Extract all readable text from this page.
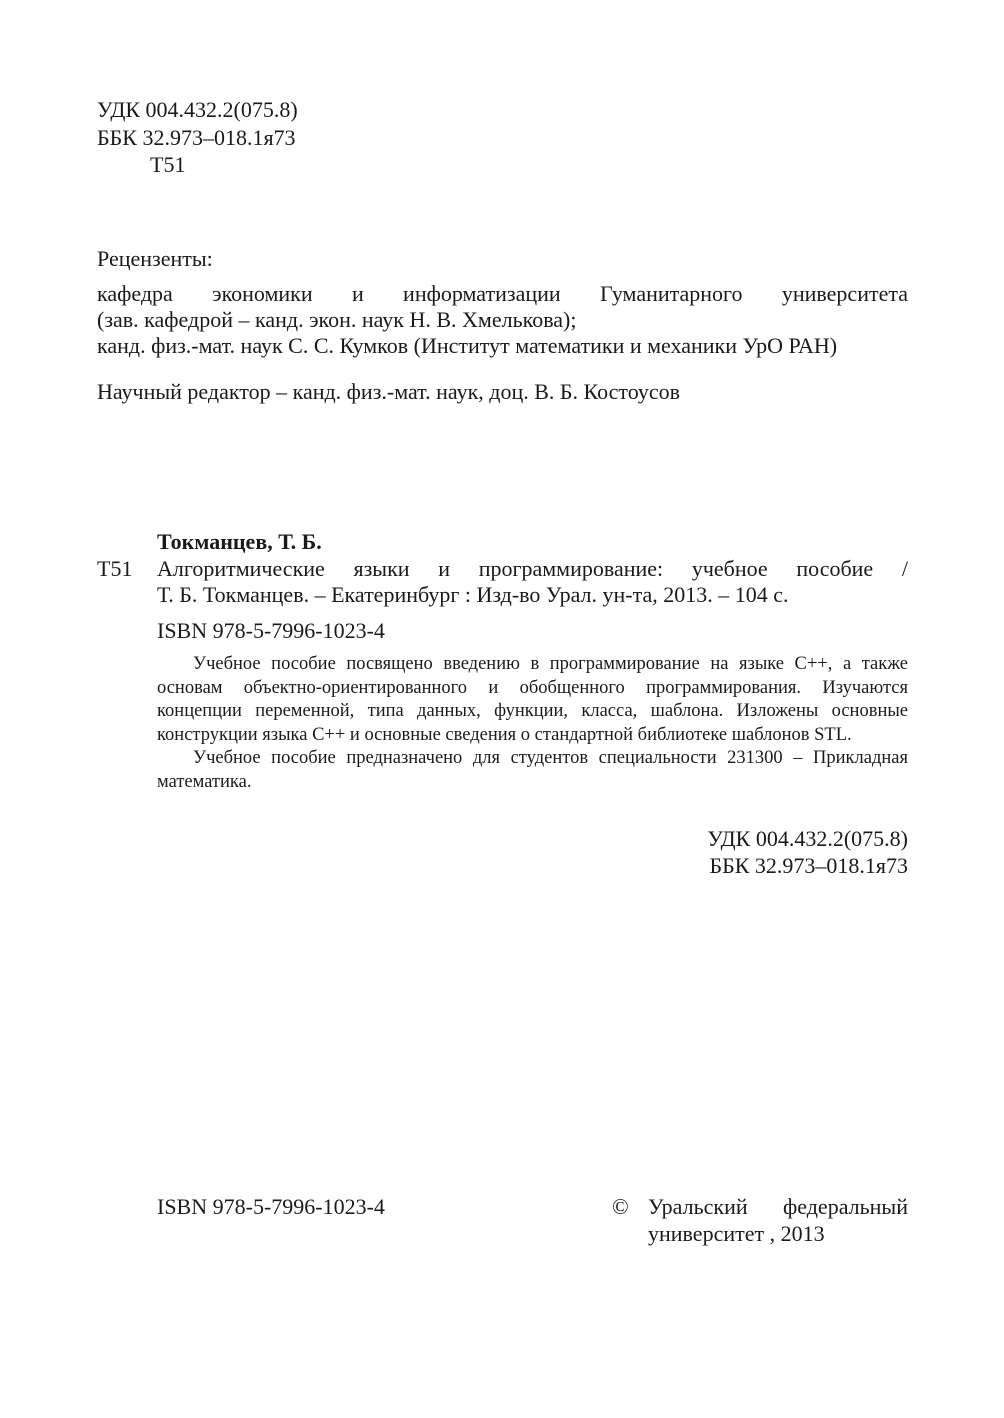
УДК 004.432.2(075.8)
ББК 32.973–018.1я73
Т51
Рецензенты:
кафедра экономики и информатизации Гуманитарного университета
(зав. кафедрой – канд. экон. наук Н. В. Хмелькова);
канд. физ.-мат. наук С. С. Кумков (Институт математики и механики УрО РАН)
Научный редактор – канд. физ.-мат. наук, доц. В. Б. Костоусов
Токманцев, Т. Б.
Т51 Алгоритмические языки и программирование: учебное пособие /
Т. Б. Токманцев. – Екатеринбург : Изд-во Урал. ун-та, 2013. – 104 с.
ISBN 978-5-7996-1023-4

Учебное пособие посвящено введению в программирование на языке C++, а также основам объектно-ориентированного и обобщенного программирования. Изучаются концепции переменной, типа данных, функции, класса, шаблона. Изложены основные конструкции языка C++ и основные сведения о стандартной библиотеке шаблонов STL.

Учебное пособие предназначено для студентов специальности 231300 – Прикладная математика.

УДК 004.432.2(075.8)
ББК 32.973–018.1я73
ISBN 978-5-7996-1023-4	© Уральский федеральный
университет , 2013
